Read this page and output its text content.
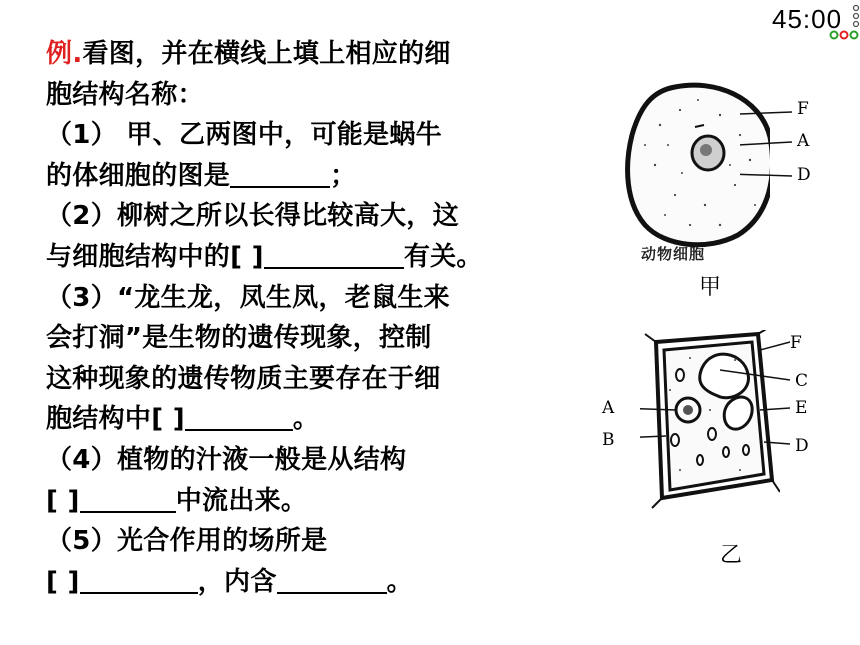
例.看图，并在横线上填上相应的细
胞结构名称：
（1） 甲、乙两图中，可能是蜗牛
的体细胞的图是	；
（2）柳树之所以长得比较高大，这
与细胞结构中的[ ]	有关。
（3）“龙生龙，凤生凤，老鼠生来
会打洞”是生物的遗传现象，控制
这种现象的遗传物质主要存在于细
胞结构中[ ]	。
（4）植物的汁液一般是从结构
[ ]	中流出来。
（5）光合作用的场所是
[ ]	，内含	。
45:00
F
A
D
动物细胞
甲
F
C
E
D
A
B
乙
